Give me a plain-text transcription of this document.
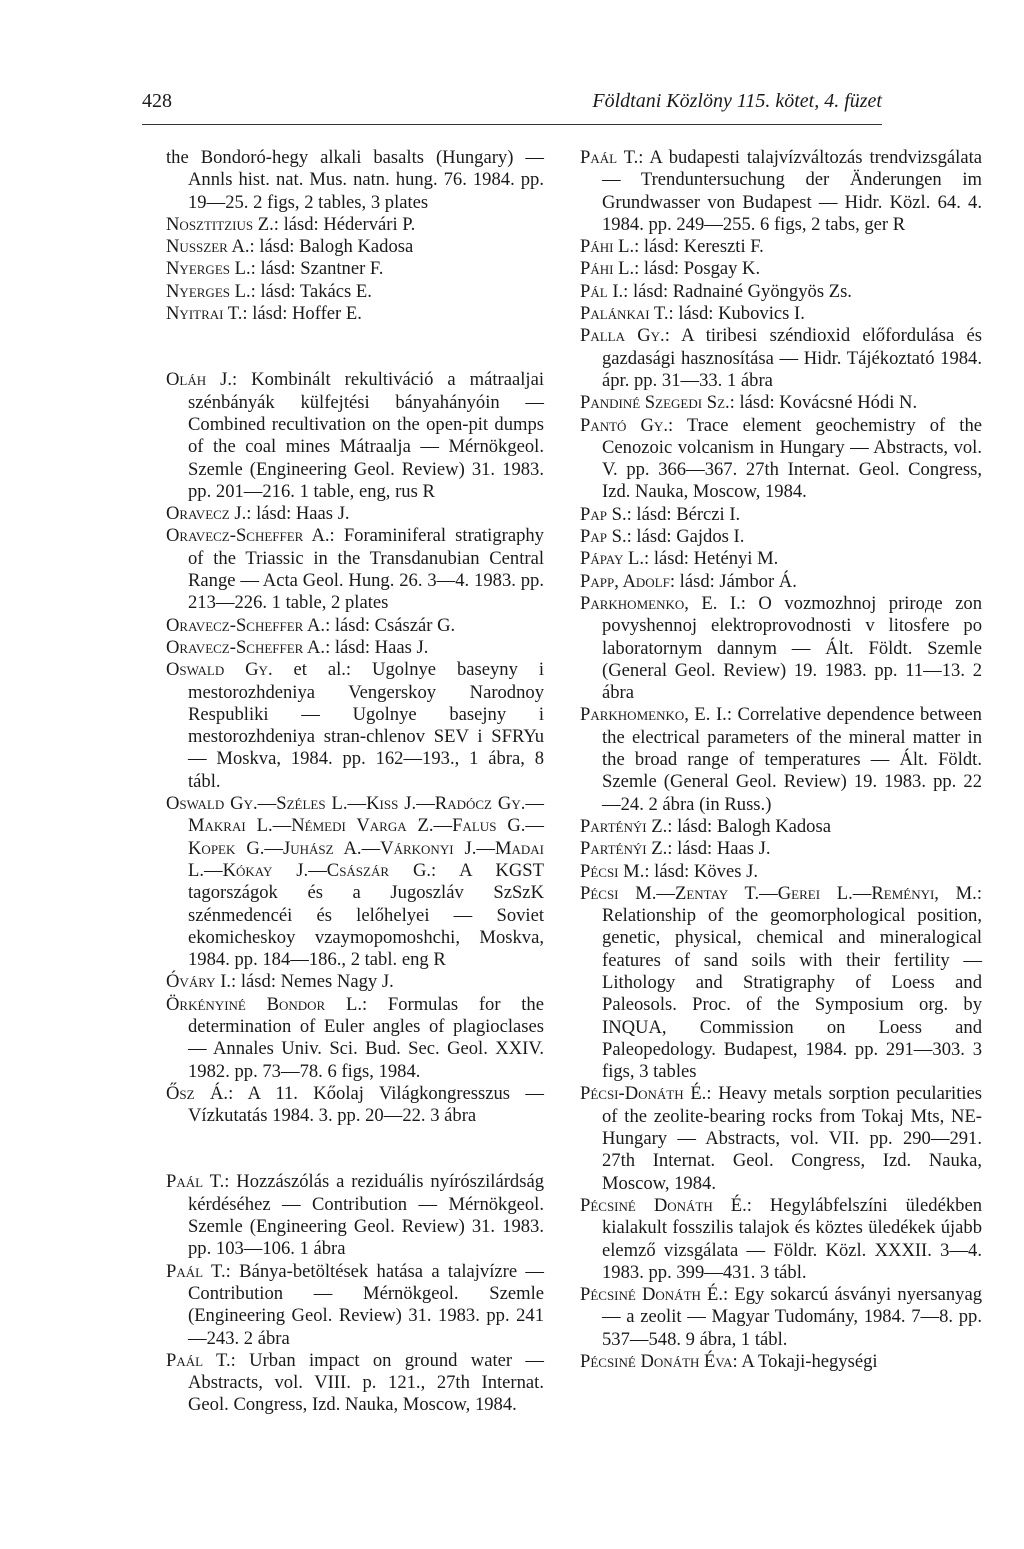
428	Földtani Közlöny 115. kötet, 4. füzet

the Bondoró-hegy alkali basalts (Hungary) — Annls hist. nat. Mus. natn. hung. 76. 1984. pp. 19—25. 2 figs, 2 tables, 3 plates

Nosztitzius Z.: lásd: Hédervári P.

Nusszer A.: lásd: Balogh Kadosa

Nyerges L.: lásd: Szantner F.

Nyerges L.: lásd: Takács E.

Nyitrai T.: lásd: Hoffer E.

Oláh J.: Kombinált rekultiváció a mátraaljai szénbányák külfejtési bányahányóin — Combined recultivation on the open-pit dumps of the coal mines Mátraalja — Mérnökgeol. Szemle (Engineering Geol. Review) 31. 1983. pp. 201—216. 1 table, eng, rus R

Oravecz J.: lásd: Haas J.

Oravecz-Scheffer A.: Foraminiferal stratigraphy of the Triassic in the Transdanubian Central Range — Acta Geol. Hung. 26. 3—4. 1983. pp. 213—226. 1 table, 2 plates

Oravecz-Scheffer A.: lásd: Császár G.

Oravecz-Scheffer A.: lásd: Haas J.

Oswald Gy. et al.: Ugolnye baseyny i mestorozhdeniya Vengerskoy Narodnoy Respubliki — Ugolnye basejny i mestorozhdeniya stran-chlenov SEV i SFRYu — Moskva, 1984. pp. 162—193., 1 ábra, 8 tábl.

Oswald Gy.—Széles L.—Kiss J.—Radócz Gy.—Makrai L.—Némedi Varga Z.—Falus G.—Kopek G.—Juhász A.—Várkonyi J.—Madai L.—Kókay J.—Császár G.: A KGST tagországok és a Jugoszláv SzSzK szénmedencéi és lelőhelyei — Soviet ekomicheskoy vzaymopomoshchi, Moskva, 1984. pp. 184—186., 2 tabl. eng R

Óváry I.: lásd: Nemes Nagy J.

Örkényiné Bondor L.: Formulas for the determination of Euler angles of plagioclases — Annales Univ. Sci. Bud. Sec. Geol. XXIV. 1982. pp. 73—78. 6 figs, 1984.

Ősz Á.: A 11. Kőolaj Világkongresszus — Vízkutatás 1984. 3. pp. 20—22. 3 ábra

Paál T.: Hozzászólás a reziduális nyírószilárdság kérdéséhez — Contribution — Mérnökgeol. Szemle (Engineering Geol. Review) 31. 1983. pp. 103—106. 1 ábra

Paál T.: Bánya-betöltések hatása a talajvízre — Contribution — Mérnökgeol. Szemle (Engineering Geol. Review) 31. 1983. pp. 241—243. 2 ábra

Paál T.: Urban impact on ground water — Abstracts, vol. VIII. p. 121., 27th Internat. Geol. Congress, Izd. Nauka, Moscow, 1984.

Paál T.: A budapesti talajvízváltozás trendvizsgálata — Trenduntersuchung der Änderungen im Grundwasser von Budapest — Hidr. Közl. 64. 4. 1984. pp. 249—255. 6 figs, 2 tabs, ger R

Páhi L.: lásd: Kereszti F.

Páhi L.: lásd: Posgay K.

Pál I.: lásd: Radnainé Gyöngyös Zs.

Palánkai T.: lásd: Kubovics I.

Palla Gy.: A tiribesi széndioxid előfordulása és gazdasági hasznosítása — Hidr. Tájékoztató 1984. ápr. pp. 31—33. 1 ábra

Pandiné Szegedi Sz.: lásd: Kovácsné Hódi N.

Pantó Gy.: Trace element geochemistry of the Cenozoic volcanism in Hungary — Abstracts, vol. V. pp. 366—367. 27th Internat. Geol. Congress, Izd. Nauka, Moscow, 1984.

Pap S.: lásd: Bérczi I.

Pap S.: lásd: Gajdos I.

Pápay L.: lásd: Hetényi M.

Papp, Adolf: lásd: Jámbor Á.

Parkhomenko, E. I.: O vozmozhnoj priroде zon povyshennoj elektroprovodnosti v litosfere po laboratornym dannym — Ált. Földt. Szemle (General Geol. Review) 19. 1983. pp. 11—13. 2 ábra

Parkhomenko, E. I.: Correlative dependence between the electrical parameters of the mineral matter in the broad range of temperatures — Ált. Földt. Szemle (General Geol. Review) 19. 1983. pp. 22—24. 2 ábra (in Russ.)

Parténýi Z.: lásd: Balogh Kadosa

Parténýi Z.: lásd: Haas J.

Pécsi M.: lásd: Köves J.

Pécsi M.—Zentay T.—Gerei L.—Reményi, M.: Relationship of the geomorphological position, genetic, physical, chemical and mineralogical features of sand soils with their fertility — Lithology and Stratigraphy of Loess and Paleosols. Proc. of the Symposium org. by INQUA, Commission on Loess and Paleopedology. Budapest, 1984. pp. 291—303. 3 figs, 3 tables

Pécsi-Donáth É.: Heavy metals sorption pecularities of the zeolite-bearing rocks from Tokaj Mts, NE-Hungary — Abstracts, vol. VII. pp. 290—291. 27th Internat. Geol. Congress, Izd. Nauka, Moscow, 1984.

Pécsiné Donáth É.: Hegylábfelszíni üledékben kialakult fosszilis talajok és köztes üledékek újabb elemző vizsgálata — Földr. Közl. XXXII. 3—4. 1983. pp. 399—431. 3 tábl.

Pécsiné Donáth É.: Egy sokarcú ásványi nyersanyag — a zeolit — Magyar Tudomány, 1984. 7—8. pp. 537—548. 9 ábra, 1 tábl.

Pécsiné Donáth Éva: A Tokaji-hegységi
